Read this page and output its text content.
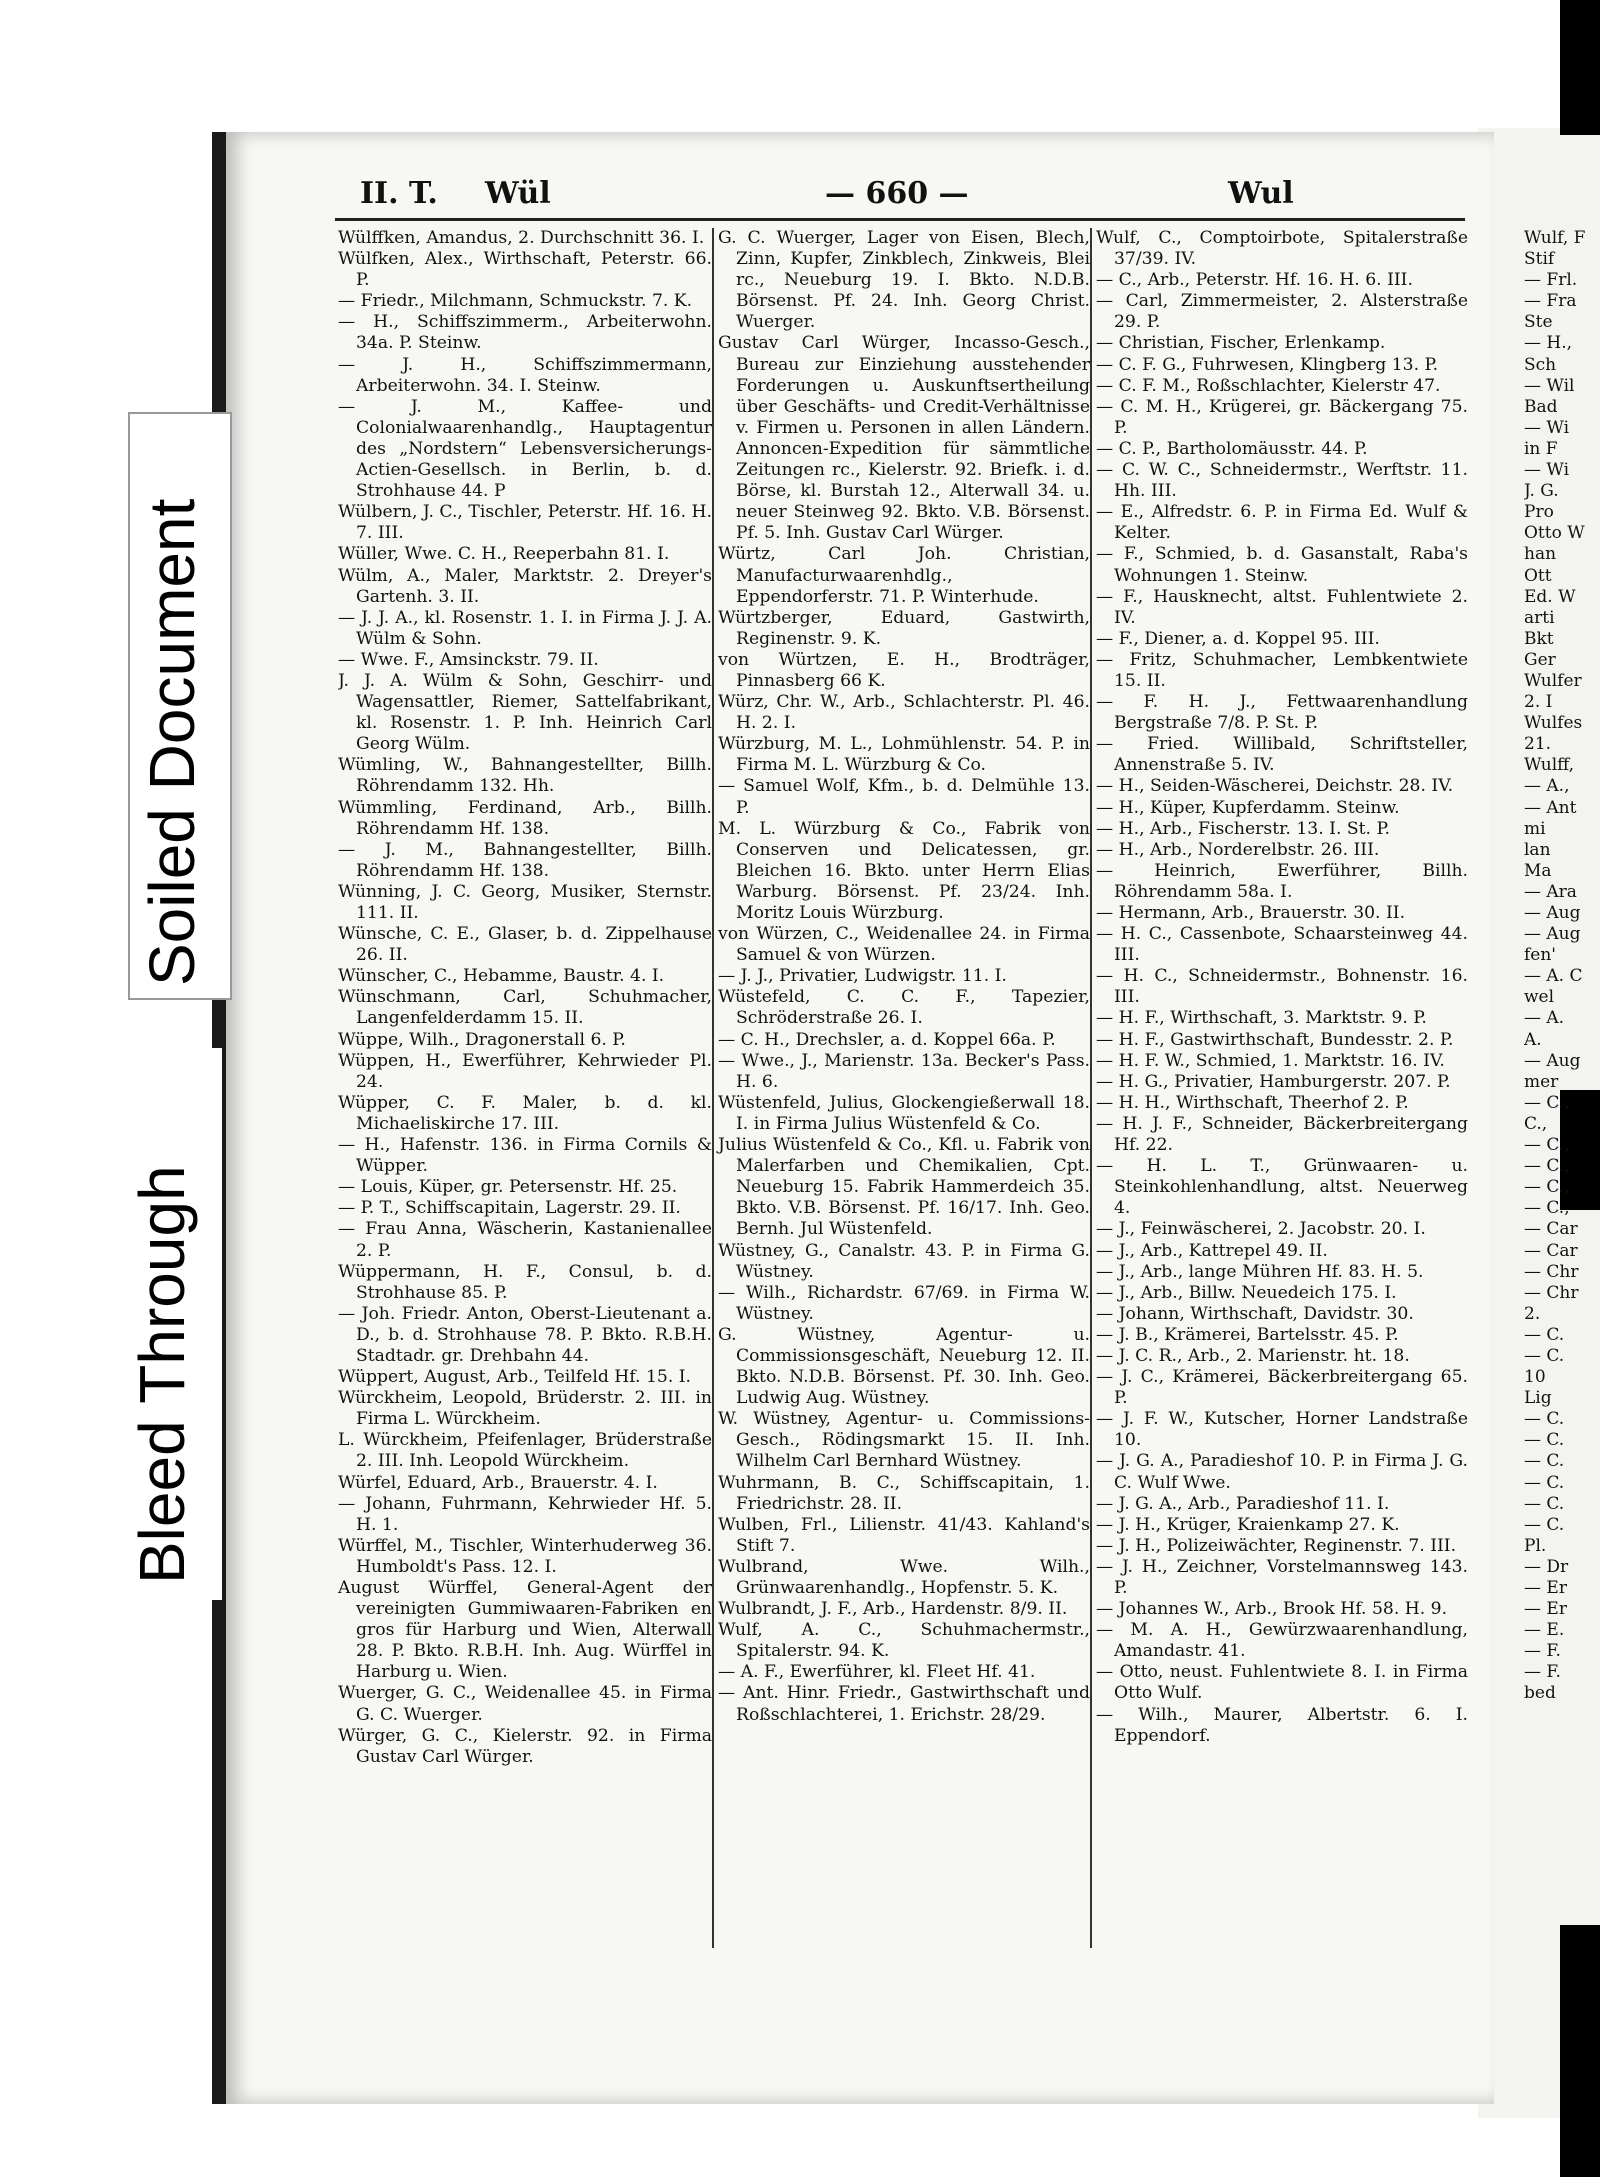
Soiled Document
Bleed Through
II. T. Wül	— 660 —	Wul

Wülffken, Amandus, 2. Durchschnitt 36. I.

Wülfken, Alex., Wirthschaft, Peterstr. 66. P.

— Friedr., Milchmann, Schmuckstr. 7. K.

— H., Schiffszimmerm., Arbeiterwohn. 34a. P. Steinw.

— J. H., Schiffszimmermann, Arbeiterwohn. 34. I. Steinw.

— J. M., Kaffee- und Colonialwaarenhandlg., Hauptagentur des „Nordstern“ Lebensversicherungs-Actien-Gesellsch. in Berlin, b. d. Strohhause 44. P

Wülbern, J. C., Tischler, Peterstr. Hf. 16. H. 7. III.

Wüller, Wwe. C. H., Reeperbahn 81. I.

Wülm, A., Maler, Marktstr. 2. Dreyer's Gartenh. 3. II.

— J. J. A., kl. Rosenstr. 1. I. in Firma J. J. A. Wülm & Sohn.

— Wwe. F., Amsinckstr. 79. II.

J. J. A. Wülm & Sohn, Geschirr- und Wagensattler, Riemer, Sattelfabrikant, kl. Rosenstr. 1. P. Inh. Heinrich Carl Georg Wülm.

Wümling, W., Bahnangestellter, Billh. Röhrendamm 132. Hh.

Wümmling, Ferdinand, Arb., Billh. Röhrendamm Hf. 138.

— J. M., Bahnangestellter, Billh. Röhrendamm Hf. 138.

Wünning, J. C. Georg, Musiker, Sternstr. 111. II.

Wünsche, C. E., Glaser, b. d. Zippelhause 26. II.

Wünscher, C., Hebamme, Baustr. 4. I.

Wünschmann, Carl, Schuhmacher, Langenfelderdamm 15. II.

Wüppe, Wilh., Dragonerstall 6. P.

Wüppen, H., Ewerführer, Kehrwieder Pl. 24.

Wüpper, C. F. Maler, b. d. kl. Michaeliskirche 17. III.

— H., Hafenstr. 136. in Firma Cornils & Wüpper.

— Louis, Küper, gr. Petersenstr. Hf. 25.

— P. T., Schiffscapitain, Lagerstr. 29. II.

— Frau Anna, Wäscherin, Kastanienallee 2. P.

Wüppermann, H. F., Consul, b. d. Strohhause 85. P.

— Joh. Friedr. Anton, Oberst-Lieutenant a. D., b. d. Strohhause 78. P. Bkto. R.B.H. Stadtadr. gr. Drehbahn 44.

Wüppert, August, Arb., Teilfeld Hf. 15. I.

Würckheim, Leopold, Brüderstr. 2. III. in Firma L. Würckheim.

L. Würckheim, Pfeifenlager, Brüderstraße 2. III. Inh. Leopold Würckheim.

Würfel, Eduard, Arb., Brauerstr. 4. I.

— Johann, Fuhrmann, Kehrwieder Hf. 5. H. 1.

Würffel, M., Tischler, Winterhuderweg 36. Humboldt's Pass. 12. I.

August Würffel, General-Agent der vereinigten Gummiwaaren-Fabriken en gros für Harburg und Wien, Alterwall 28. P. Bkto. R.B.H. Inh. Aug. Würffel in Harburg u. Wien.

Wuerger, G. C., Weidenallee 45. in Firma G. C. Wuerger.

Würger, G. C., Kielerstr. 92. in Firma Gustav Carl Würger.

G. C. Wuerger, Lager von Eisen, Blech, Zinn, Kupfer, Zinkblech, Zinkweis, Blei rc., Neueburg 19. I. Bkto. N.D.B. Börsenst. Pf. 24. Inh. Georg Christ. Wuerger.

Gustav Carl Würger, Incasso-Gesch., Bureau zur Einziehung ausstehender Forderungen u. Auskunftsertheilung über Geschäfts- und Credit-Verhältnisse v. Firmen u. Personen in allen Ländern. Annoncen-Expedition für sämmtliche Zeitungen rc., Kielerstr. 92. Briefk. i. d. Börse, kl. Burstah 12., Alterwall 34. u. neuer Steinweg 92. Bkto. V.B. Börsenst. Pf. 5. Inh. Gustav Carl Würger.

Würtz, Carl Joh. Christian, Manufacturwaarenhdlg., Eppendorferstr. 71. P. Winterhude.

Würtzberger, Eduard, Gastwirth, Reginenstr. 9. K.

von Würtzen, E. H., Brodträger, Pinnasberg 66 K.

Würz, Chr. W., Arb., Schlachterstr. Pl. 46. H. 2. I.

Würzburg, M. L., Lohmühlenstr. 54. P. in Firma M. L. Würzburg & Co.

— Samuel Wolf, Kfm., b. d. Delmühle 13. P.

M. L. Würzburg & Co., Fabrik von Conserven und Delicatessen, gr. Bleichen 16. Bkto. unter Herrn Elias Warburg. Börsenst. Pf. 23/24. Inh. Moritz Louis Würzburg.

von Würzen, C., Weidenallee 24. in Firma Samuel & von Würzen.

— J. J., Privatier, Ludwigstr. 11. I.

Wüstefeld, C. C. F., Tapezier, Schröderstraße 26. I.

— C. H., Drechsler, a. d. Koppel 66a. P.

— Wwe., J., Marienstr. 13a. Becker's Pass. H. 6.

Wüstenfeld, Julius, Glockengießerwall 18. I. in Firma Julius Wüstenfeld & Co.

Julius Wüstenfeld & Co., Kfl. u. Fabrik von Malerfarben und Chemikalien, Cpt. Neueburg 15. Fabrik Hammerdeich 35. Bkto. V.B. Börsenst. Pf. 16/17. Inh. Geo. Bernh. Jul Wüstenfeld.

Wüstney, G., Canalstr. 43. P. in Firma G. Wüstney.

— Wilh., Richardstr. 67/69. in Firma W. Wüstney.

G. Wüstney, Agentur- u. Commissionsgeschäft, Neueburg 12. II. Bkto. N.D.B. Börsenst. Pf. 30. Inh. Geo. Ludwig Aug. Wüstney.

W. Wüstney, Agentur- u. Commissions-Gesch., Rödingsmarkt 15. II. Inh. Wilhelm Carl Bernhard Wüstney.

Wuhrmann, B. C., Schiffscapitain, 1. Friedrichstr. 28. II.

Wulben, Frl., Lilienstr. 41/43. Kahland's Stift 7.

Wulbrand, Wwe. Wilh., Grünwaarenhandlg., Hopfenstr. 5. K.

Wulbrandt, J. F., Arb., Hardenstr. 8/9. II.

Wulf, A. C., Schuhmachermstr., Spitalerstr. 94. K.

— A. F., Ewerführer, kl. Fleet Hf. 41.

— Ant. Hinr. Friedr., Gastwirthschaft und Roßschlachterei, 1. Erichstr. 28/29.

Wulf, C., Comptoirbote, Spitalerstraße 37/39. IV.

— C., Arb., Peterstr. Hf. 16. H. 6. III.

— Carl, Zimmermeister, 2. Alsterstraße 29. P.

— Christian, Fischer, Erlenkamp.

— C. F. G., Fuhrwesen, Klingberg 13. P.

— C. F. M., Roßschlachter, Kielerstr 47.

— C. M. H., Krügerei, gr. Bäckergang 75. P.

— C. P., Bartholomäusstr. 44. P.

— C. W. C., Schneidermstr., Werftstr. 11. Hh. III.

— E., Alfredstr. 6. P. in Firma Ed. Wulf & Kelter.

— F., Schmied, b. d. Gasanstalt, Raba's Wohnungen 1. Steinw.

— F., Hausknecht, altst. Fuhlentwiete 2. IV.

— F., Diener, a. d. Koppel 95. III.

— Fritz, Schuhmacher, Lembkentwiete 15. II.

— F. H. J., Fettwaarenhandlung Bergstraße 7/8. P. St. P.

— Fried. Willibald, Schriftsteller, Annenstraße 5. IV.

— H., Seiden-Wäscherei, Deichstr. 28. IV.

— H., Küper, Kupferdamm. Steinw.

— H., Arb., Fischerstr. 13. I. St. P.

— H., Arb., Norderelbstr. 26. III.

— Heinrich, Ewerführer, Billh. Röhrendamm 58a. I.

— Hermann, Arb., Brauerstr. 30. II.

— H. C., Cassenbote, Schaarsteinweg 44. III.

— H. C., Schneidermstr., Bohnenstr. 16. III.

— H. F., Wirthschaft, 3. Marktstr. 9. P.

— H. F., Gastwirthschaft, Bundesstr. 2. P.

— H. F. W., Schmied, 1. Marktstr. 16. IV.

— H. G., Privatier, Hamburgerstr. 207. P.

— H. H., Wirthschaft, Theerhof 2. P.

— H. J. F., Schneider, Bäckerbreitergang Hf. 22.

— H. L. T., Grünwaaren- u. Steinkohlenhandlung, altst. Neuerweg 4.

— J., Feinwäscherei, 2. Jacobstr. 20. I.

— J., Arb., Kattrepel 49. II.

— J., Arb., lange Mühren Hf. 83. H. 5.

— J., Arb., Billw. Neuedeich 175. I.

— Johann, Wirthschaft, Davidstr. 30.

— J. B., Krämerei, Bartelsstr. 45. P.

— J. C. R., Arb., 2. Marienstr. ht. 18.

— J. C., Krämerei, Bäckerbreitergang 65. P.

— J. F. W., Kutscher, Horner Landstraße 10.

— J. G. A., Paradieshof 10. P. in Firma J. G. C. Wulf Wwe.

— J. G. A., Arb., Paradieshof 11. I.

— J. H., Krüger, Kraienkamp 27. K.

— J. H., Polizeiwächter, Reginenstr. 7. III.

— J. H., Zeichner, Vorstelmannsweg 143. P.

— Johannes W., Arb., Brook Hf. 58. H. 9.

— M. A. H., Gewürzwaarenhandlung, Amandastr. 41.

— Otto, neust. Fuhlentwiete 8. I. in Firma Otto Wulf.

— Wilh., Maurer, Albertstr. 6. I. Eppendorf.

Wulf, F

Stif

— Frl.

— Fra

Ste

— H.,

Sch

— Wil

Bad

— Wi

in F

— Wi

J. G.

Pro

Otto W

han

Ott

Ed. W

arti

Bkt

Ger

Wulfer

2. I

Wulfes

21.

Wulff,

— A.,

— Ant

mi

lan

Ma

— Ara

— Aug

— Aug

fen'

— A. C

wel

— A.

A.

— Aug

mer

— C.,

C.,

— C.,

— C.,

— C.,

— C.,

— Car

— Car

— Chr

— Chr

2.

— C.

— C.

10

Lig

— C.

— C.

— C.

— C.

— C.

— C.

Pl.

— Dr

— Er

— Er

— E.

— F.

— F.

bed
